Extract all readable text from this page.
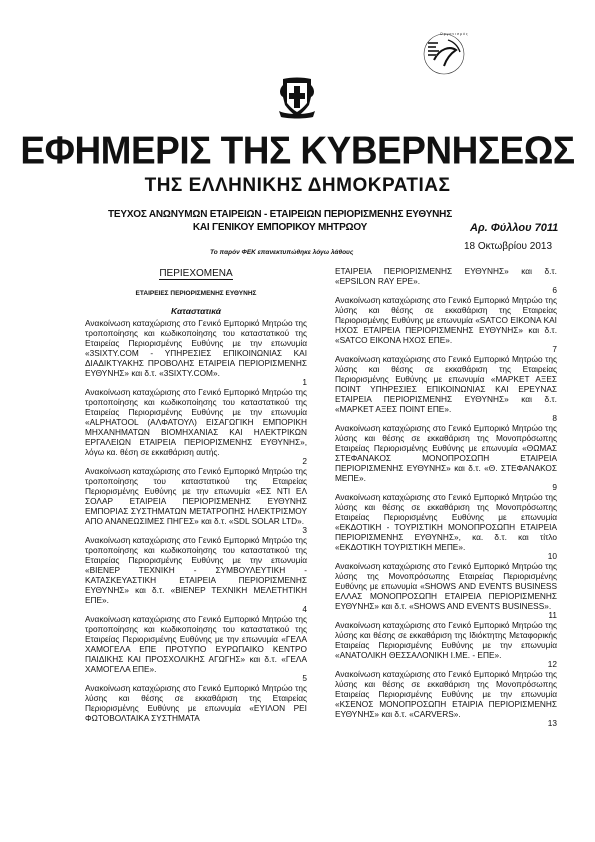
Ο ρ γ α ν ι σ μ ό ς
ΕΦΗΜΕΡΙΣ ΤΗΣ ΚΥΒΕΡΝΗΣΕΩΣ
ΤΗΣ ΕΛΛΗΝΙΚΗΣ ΔΗΜΟΚΡΑΤΙΑΣ
ΤΕΥΧΟΣ ΑΝΩΝΥΜΩΝ ΕΤΑΙΡΕΙΩΝ - ΕΤΑΙΡΕΙΩΝ ΠΕΡΙΟΡΙΣΜΕΝΗΣ ΕΥΘΥΝΗΣ
ΚΑΙ ΓΕΝΙΚΟΥ ΕΜΠΟΡΙΚΟΥ ΜΗΤΡΩΟΥ	Αρ. Φύλλου 7011
18 Οκτωβρίου 2013
Το παρόν ΦΕΚ επανεκτυπώθηκε λόγω λάθους
ΠΕΡΙΕΧΟΜΕΝΑ
ΕΤΑΙΡΕΙΕΣ ΠΕΡΙΟΡΙΣΜΕΝΗΣ ΕΥΘΥΝΗΣ
Καταστατικά
Ανακοίνωση καταχώρισης στο Γενικό Εμπορικό Μητρώο της τροποποίησης και κωδικοποίησης του καταστατικού της Εταιρείας Περιορισμένης Ευθύνης με την επωνυμία «3SIXTY.COM - ΥΠΗΡΕΣΙΕΣ ΕΠΙΚΟΙΝΩΝΙΑΣ ΚΑΙ ΔΙΑΔΙΚΤΥΑΚΗΣ ΠΡΟΒΟΛΗΣ ΕΤΑΙΡΕΙΑ ΠΕΡΙΟΡΙΣΜΕΝΗΣ ΕΥΘΥΝΗΣ» και δ.τ. «3SIXTY.COM».
1
Ανακοίνωση καταχώρισης στο Γενικό Εμπορικό Μητρώο της τροποποίησης και κωδικοποίησης του καταστατικού της Εταιρείας Περιορισμένης Ευθύνης με την επωνυμία «ALPHATOOL (ΑΛΦΑΤΟΥΛ) ΕΙΣΑΓΩΓΙΚΗ ΕΜΠΟΡΙΚΗ ΜΗΧΑΝΗΜΑΤΩΝ ΒΙΟΜΗΧΑΝΙΑΣ ΚΑΙ ΗΛΕΚΤΡΙΚΩΝ ΕΡΓΑΛΕΙΩΝ ΕΤΑΙΡΕΙΑ ΠΕΡΙΟΡΙΣΜΕΝΗΣ ΕΥΘΥΝΗΣ», λόγω κα. θέση σε εκκαθάριση αυτής.
2
Ανακοίνωση καταχώρισης στο Γενικό Εμπορικό Μητρώο της τροποποίησης του καταστατικού της Εταιρείας Περιορισμένης Ευθύνης με την επωνυμία «ΕΣ ΝΤΙ ΕΛ ΣΟΛΑΡ ΕΤΑΙΡΕΙΑ ΠΕΡΙΟΡΙΣΜΕΝΗΣ ΕΥΘΥΝΗΣ ΕΜΠΟΡΙΑΣ ΣΥΣΤΗΜΑΤΩΝ ΜΕΤΑΤΡΟΠΗΣ ΗΛΕΚΤΡΙΣΜΟΥ ΑΠΟ ΑΝΑΝΕΩΣΙΜΕΣ ΠΗΓΕΣ» και δ.τ. «SDL SOLAR LTD».
3
Ανακοίνωση καταχώρισης στο Γενικό Εμπορικό Μητρώο της τροποποίησης και κωδικοποίησης του καταστατικού της Εταιρείας Περιορισμένης Ευθύνης με την επωνυμία «ΒΙΕΝΕΡ ΤΕΧΝΙΚΗ - ΣΥΜΒΟΥΛΕΥΤΙΚΗ - ΚΑΤΑΣΚΕΥΑΣΤΙΚΗ ΕΤΑΙΡΕΙΑ ΠΕΡΙΟΡΙΣΜΕΝΗΣ ΕΥΘΥΝΗΣ» και δ.τ. «ΒΙΕΝΕΡ ΤΕΧΝΙΚΗ ΜΕΛΕΤΗΤΙΚΗ ΕΠΕ».
4
Ανακοίνωση καταχώρισης στο Γενικό Εμπορικό Μητρώο της τροποποίησης και κωδικοποίησης του καταστατικού της Εταιρείας Περιορισμένης Ευθύνης με την επωνυμία «ΓΕΛΑ ΧΑΜΟΓΕΛΑ ΕΠΕ ΠΡΟΤΥΠΟ ΕΥΡΩΠΑΙΚΟ ΚΕΝΤΡΟ ΠΑΙΔΙΚΗΣ ΚΑΙ ΠΡΟΣΧΟΛΙΚΗΣ ΑΓΩΓΗΣ» και δ.τ. «ΓΕΛΑ ΧΑΜΟΓΕΛΑ ΕΠΕ».
5
Ανακοίνωση καταχώρισης στο Γενικό Εμπορικό Μητρώο της λύσης και θέσης σε εκκαθάριση της Εταιρείας Περιορισμένης Ευθύνης με επωνυμία «ΕΥΙΛΟΝ ΡΕΙ ΦΩΤΟΒΟΛΤΑΙΚΑ ΣΥΣΤΗΜΑΤΑ
ΕΤΑΙΡΕΙΑ ΠΕΡΙΟΡΙΣΜΕΝΗΣ ΕΥΘΥΝΗΣ» και δ.τ. «EPSILON RAY EPE».
6
Ανακοίνωση καταχώρισης στο Γενικό Εμπορικό Μητρώο της λύσης και θέσης σε εκκαθάριση της Εταιρείας Περιορισμένης Ευθύνης με επωνυμία «SATCO ΕΙΚΟΝΑ ΚΑΙ ΗΧΟΣ ΕΤΑΙΡΕΙΑ ΠΕΡΙΟΡΙΣΜΕΝΗΣ ΕΥΘΥΝΗΣ» και δ.τ. «SATCO ΕΙΚΟΝΑ ΗΧΟΣ ΕΠΕ».
7
Ανακοίνωση καταχώρισης στο Γενικό Εμπορικό Μητρώο της λύσης και θέσης σε εκκαθάριση της Εταιρείας Περιορισμένης Ευθύνης με επωνυμία «ΜΑΡΚΕΤ ΑΞΕΣ ΠΟΙΝΤ ΥΠΗΡΕΣΙΕΣ ΕΠΙΚΟΙΝΩΝΙΑΣ ΚΑΙ ΕΡΕΥΝΑΣ ΕΤΑΙΡΕΙΑ ΠΕΡΙΟΡΙΣΜΕΝΗΣ ΕΥΘΥΝΗΣ» και δ.τ. «ΜΑΡΚΕΤ ΑΞΕΣ ΠΟΙΝΤ ΕΠΕ».
8
Ανακοίνωση καταχώρισης στο Γενικό Εμπορικό Μητρώο της λύσης και θέσης σε εκκαθάριση της Μονοπρόσωπης Εταιρείας Περιορισμένης Ευθύνης με επωνυμία «ΘΩΜΑΣ ΣΤΕΦΑΝΑΚΟΣ ΜΟΝΟΠΡΟΣΩΠΗ ΕΤΑΙΡΕΙΑ ΠΕΡΙΟΡΙΣΜΕΝΗΣ ΕΥΘΥΝΗΣ» και δ.τ. «Θ. ΣΤΕΦΑΝΑΚΟΣ ΜΕΠΕ».
9
Ανακοίνωση καταχώρισης στο Γενικό Εμπορικό Μητρώο της λύσης και θέσης σε εκκαθάριση της Μονοπρόσωπης Εταιρείας Περιορισμένης Ευθύνης με επωνυμία «ΕΚΔΟΤΙΚΗ - ΤΟΥΡΙΣΤΙΚΗ ΜΟΝΟΠΡΟΣΩΠΗ ΕΤΑΙΡΕΙΑ ΠΕΡΙΟΡΙΣΜΕΝΗΣ ΕΥΘΥΝΗΣ», κα. δ.τ. και τίτλο «ΕΚΔΟΤΙΚΗ ΤΟΥΡΙΣΤΙΚΗ ΜΕΠΕ».
10
Ανακοίνωση καταχώρισης στο Γενικό Εμπορικό Μητρώο της λύσης της Μονοπρόσωπης Εταιρείας Περιορισμένης Ευθύνης με επωνυμία «SHOWS AND EVENTS BUSINESS ΕΛΛΑΣ ΜΟΝΟΠΡΟΣΩΠΗ ΕΤΑΙΡΕΙΑ ΠΕΡΙΟΡΙΣΜΕΝΗΣ ΕΥΘΥΝΗΣ» και δ.τ. «SHOWS AND EVENTS BUSINESS».
11
Ανακοίνωση καταχώρισης στο Γενικό Εμπορικό Μητρώο της λύσης και θέσης σε εκκαθάριση της Ιδιόκτητης Μεταφορικής Εταιρείας Περιορισμένης Ευθύνης με την επωνυμία «ΑΝΑΤΟΛΙΚΗ ΘΕΣΣΑΛΟΝΙΚΗ Ι.ΜΕ. - ΕΠΕ».
12
Ανακοίνωση καταχώρισης στο Γενικό Εμπορικό Μητρώο της λύσης και θέσης σε εκκαθάριση της Μονοπρόσωπης Εταιρείας Περιορισμένης Ευθύνης με την επωνυμία «ΚΣΕΝΟΣ ΜΟΝΟΠΡΟΣΩΠΗ ΕΤΑΙΡΙΑ ΠΕΡΙΟΡΙΣΜΕΝΗΣ ΕΥΘΥΝΗΣ» και δ.τ. «CARVERS».
13
